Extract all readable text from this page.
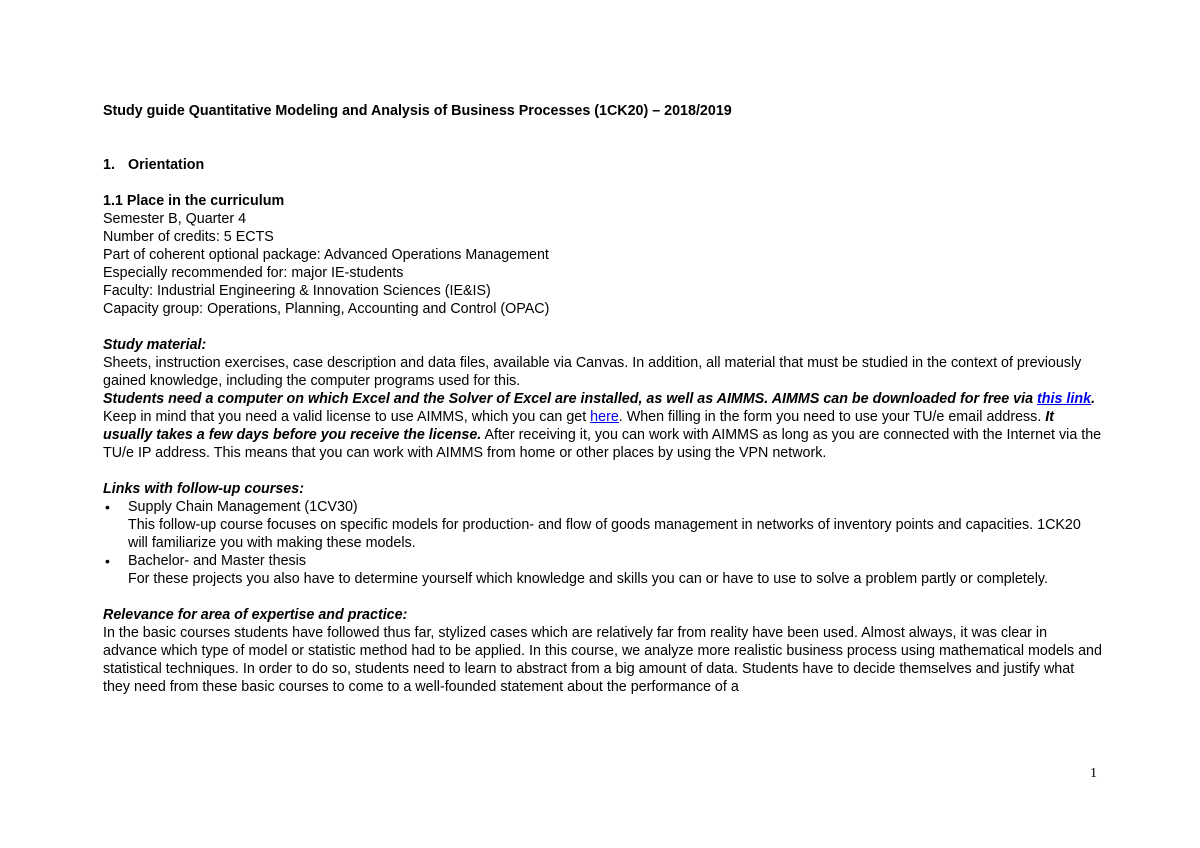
Study guide Quantitative Modeling and Analysis of Business Processes (1CK20) – 2018/2019

1. Orientation

1.1 Place in the curriculum

Semester B, Quarter 4

Number of credits: 5 ECTS

Part of coherent optional package: Advanced Operations Management

Especially recommended for: major IE-students

Faculty: Industrial Engineering & Innovation Sciences (IE&IS)

Capacity group: Operations, Planning, Accounting and Control (OPAC)

Study material:

Sheets, instruction exercises, case description and data files, available via Canvas. In addition, all material that must be studied in the context of previously gained knowledge, including the computer programs used for this.

Students need a computer on which Excel and the Solver of Excel are installed, as well as AIMMS. AIMMS can be downloaded for free via this link. Keep in mind that you need a valid license to use AIMMS, which you can get here. When filling in the form you need to use your TU/e email address. It usually takes a few days before you receive the license. After receiving it, you can work with AIMMS as long as you are connected with the Internet via the TU/e IP address. This means that you can work with AIMMS from home or other places by using the VPN network.

Links with follow-up courses:

• Supply Chain Management (1CV30)
This follow-up course focuses on specific models for production- and flow of goods management in networks of inventory points and capacities. 1CK20 will familiarize you with making these models.
• Bachelor- and Master thesis
For these projects you also have to determine yourself which knowledge and skills you can or have to use to solve a problem partly or completely.

Relevance for area of expertise and practice:

In the basic courses students have followed thus far, stylized cases which are relatively far from reality have been used. Almost always, it was clear in advance which type of model or statistic method had to be applied. In this course, we analyze more realistic business process using mathematical models and statistical techniques. In order to do so, students need to learn to abstract from a big amount of data. Students have to decide themselves and justify what they need from these basic courses to come to a well-founded statement about the performance of a

1
